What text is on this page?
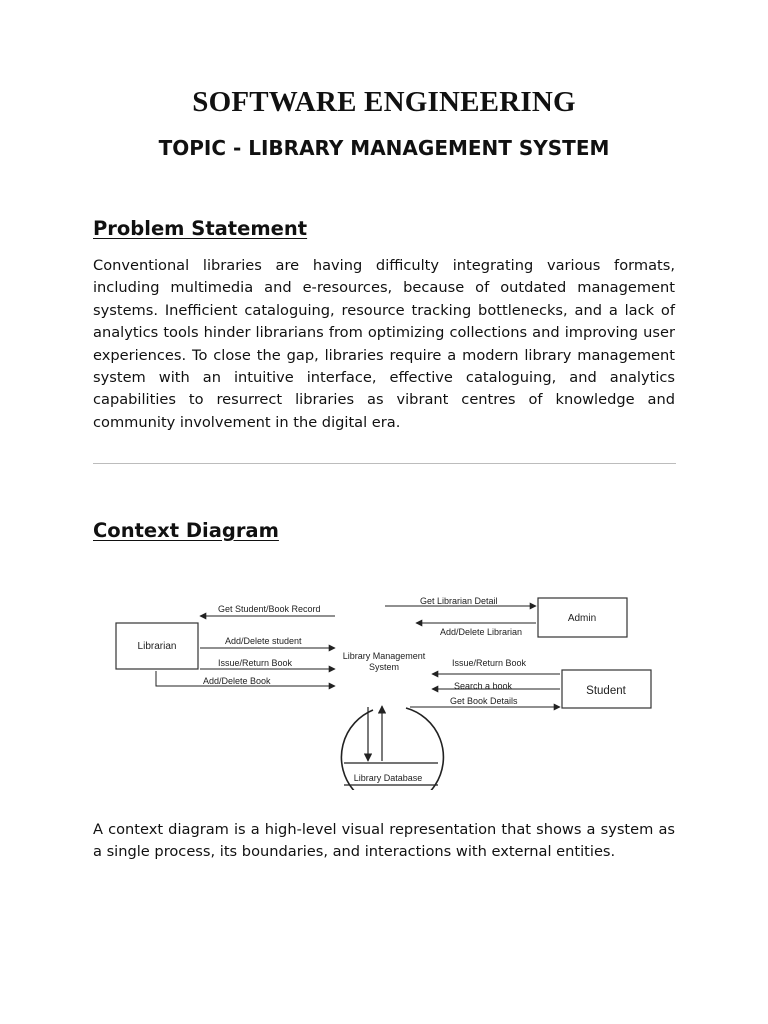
SOFTWARE ENGINEERING
TOPIC - LIBRARY MANAGEMENT SYSTEM
Problem Statement

Conventional libraries are having difficulty integrating various formats, including multimedia and e-resources, because of outdated management systems. Inefficient cataloguing, resource tracking bottlenecks, and a lack of analytics tools hinder librarians from optimizing collections and improving user experiences. To close the gap, libraries require a modern library management system with an intuitive interface, effective cataloguing, and analytics capabilities to resurrect libraries as vibrant centres of knowledge and community involvement in the digital era.

Context Diagram
Librarian
Admin
Student
Library Management
System
Library Database
Get Student/Book Record
Add/Delete student
Issue/Return Book
Add/Delete Book
Get Librarian Detail
Add/Delete Librarian
Issue/Return Book
Search a book
Get Book Details

A context diagram is a high-level visual representation that shows a system as a single process, its boundaries, and interactions with external entities.
